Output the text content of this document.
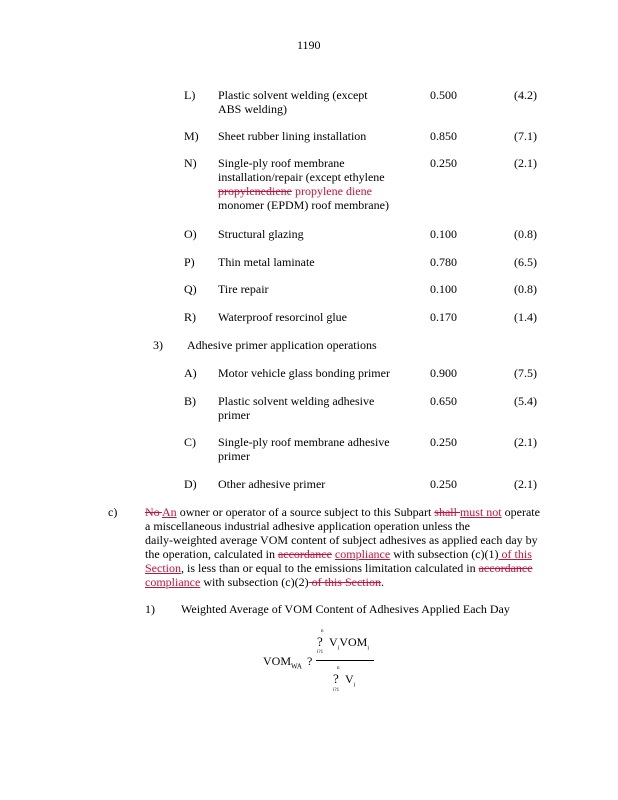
1190
L) Plastic solvent welding (except
ABS welding)
0.500	(4.2)
M) Sheet rubber lining installation	0.850	(7.1)
N) Single-ply roof membrane
installation/repair (except ethylene
propylenediene propylene diene
monomer (EPDM) roof membrane)
0.250	(2.1)
O) Structural glazing	0.100	(0.8)
P) Thin metal laminate	0.780	(6.5)
Q) Tire repair	0.100	(0.8)
R) Waterproof resorcinol glue	0.170	(1.4)
3) Adhesive primer application operations
A) Motor vehicle glass bonding primer	0.900	(7.5)
B) Plastic solvent welding adhesive
primer
0.650	(5.4)
C) Single-ply roof membrane adhesive
primer
0.250	(2.1)
D) Other adhesive primer	0.250	(2.1)
c) No An owner or operator of a source subject to this Subpart shall must not operate
a miscellaneous industrial adhesive application operation unless the
daily-weighted average VOM content of subject adhesives as applied each day by
the operation, calculated in accordance compliance with subsection (c)(1) of this
Section, is less than or equal to the emissions limitation calculated in accordance
compliance with subsection (c)(2) of this Section.
1) Weighted Average of VOM Content of Adhesives Applied Each Day
$VOM_{WA}$ ?
n
? $V_iVOM_i$
i?1
n
? $V_i$
i?1
